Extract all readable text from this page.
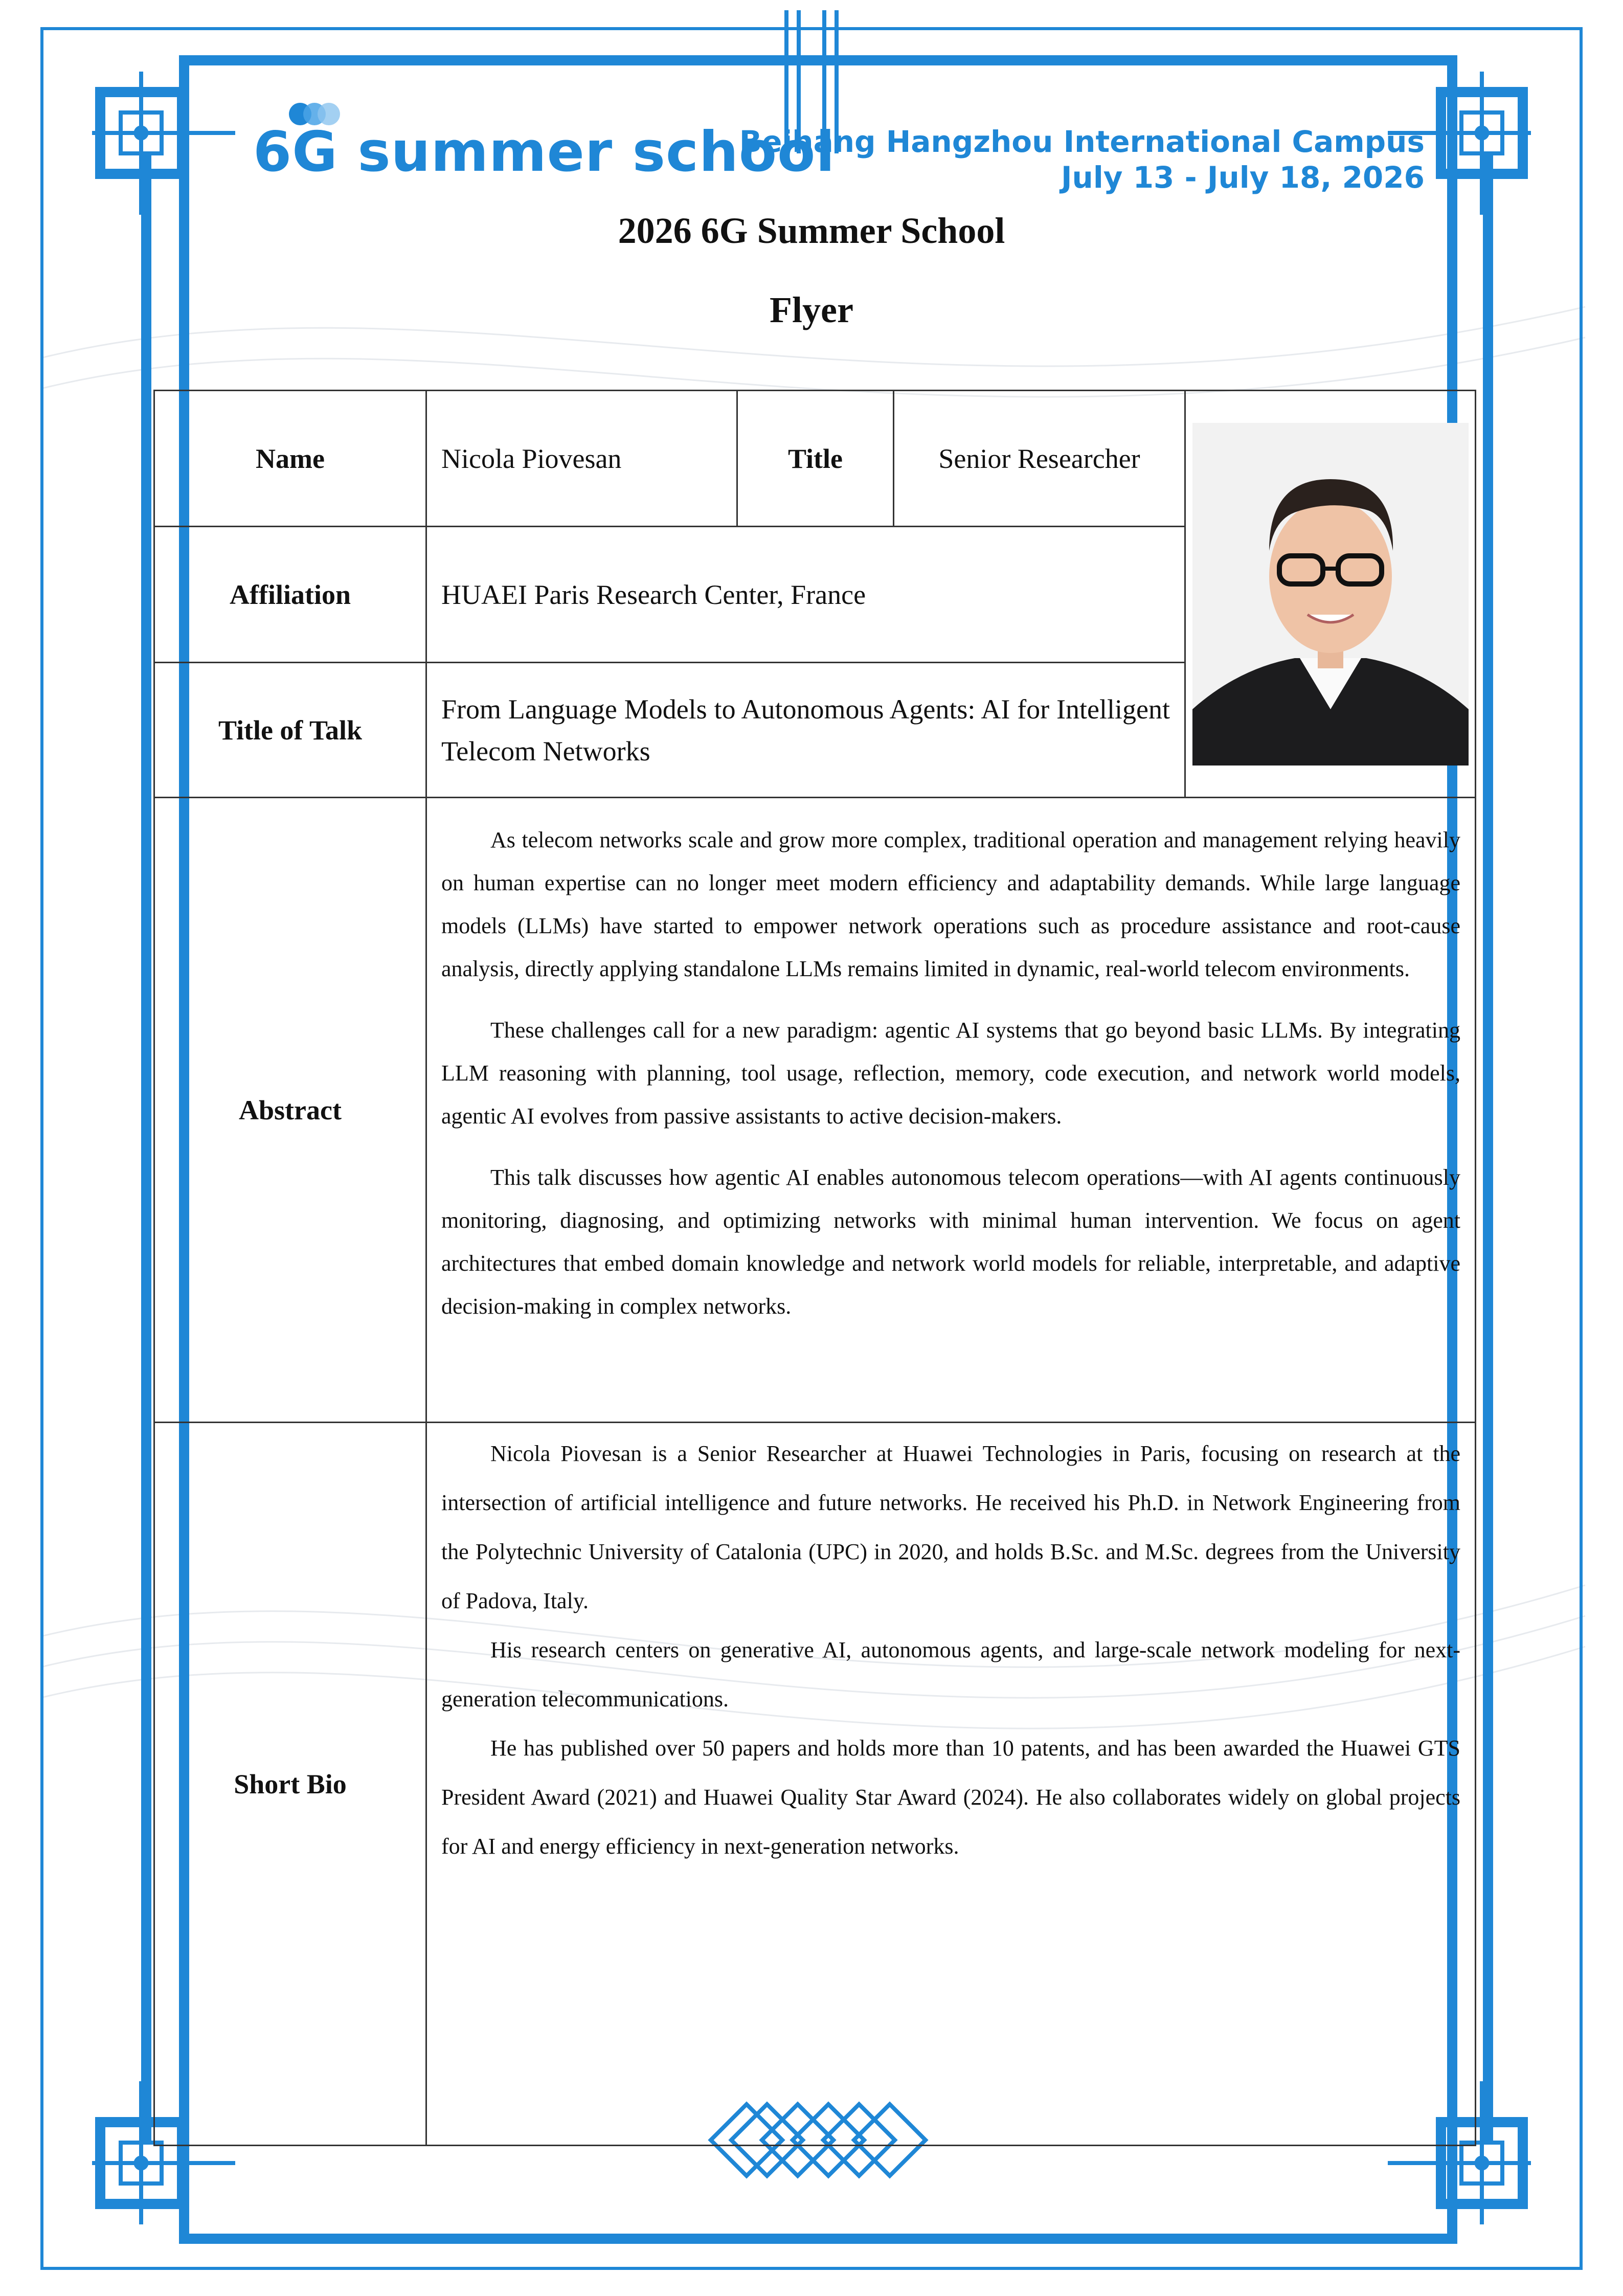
6G summer school
Beihang Hangzhou International Campus
July 13 - July 18, 2026
2026 6G Summer School
Flyer
Name	Nicola Piovesan	Title	Senior Researcher	

Affiliation	HUAEI Paris Research Center, France			
Title of Talk	From Language Models to Autonomous Agents: AI for Intelligent Telecom Networks			

Abstract	As telecom networks scale and grow more complex, traditional operation and management relying heavily on human expertise can no longer meet modern efficiency and adaptability demands. While large language models (LLMs) have started to empower network operations such as procedure assistance and root-cause analysis, directly applying standalone LLMs remains limited in dynamic, real-world telecom environments.

These challenges call for a new paradigm: agentic AI systems that go beyond basic LLMs. By integrating LLM reasoning with planning, tool usage, reflection, memory, code execution, and network world models, agentic AI evolves from passive assistants to active decision-makers.

This talk discusses how agentic AI enables autonomous telecom operations—with AI agents continuously monitoring, diagnosing, and optimizing networks with minimal human intervention. We focus on agent architectures that embed domain knowledge and network world models for reliable, interpretable, and adaptive decision-making in complex networks.			

Short Bio	Nicola Piovesan is a Senior Researcher at Huawei Technologies in Paris, focusing on research at the intersection of artificial intelligence and future networks. He received his Ph.D. in Network Engineering from the Polytechnic University of Catalonia (UPC) in 2020, and holds B.Sc. and M.Sc. degrees from the University of Padova, Italy.

His research centers on generative AI, autonomous agents, and large-scale network modeling for next-generation telecommunications.

He has published over 50 papers and holds more than 10 patents, and has been awarded the Huawei GTS President Award (2021) and Huawei Quality Star Award (2024). He also collaborates widely on global projects for AI and energy efficiency in next-generation networks.			
